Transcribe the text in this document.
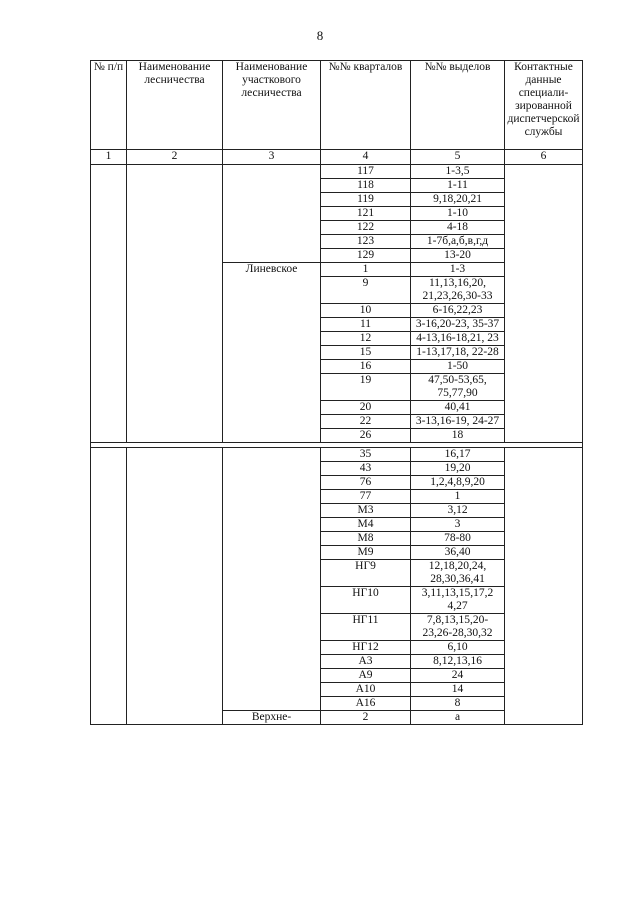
8
№ п/п	Наименование лесничества	Наименование участкового лесничества	№№ кварталов	№№ выделов	Контактные данные специали-зированной диспетчерской службы
1	2	3	4	5	6
			117	1-3,5	
			118	1-11	
			119	9,18,20,21	
			121	1-10	
			122	4-18	
			123	1-7б,а,б,в,г,д	
			129	13-20	
		Линевское	1	1-3	
			9	11,13,16,20, 21,23,26,30-33	
			10	6-16,22,23	
			11	3-16,20-23, 35-37	
			12	4-13,16-18,21, 23	
			15	1-13,17,18, 22-28	
			16	1-50	
			19	47,50-53,65, 75,77,90	
			20	40,41	
			22	3-13,16-19, 24-27	
			26	18	

			35	16,17	
			43	19,20	
			76	1,2,4,8,9,20	
			77	1	
			М3	3,12	
			М4	3	
			М8	78-80	
			М9	36,40	
			НГ9	12,18,20,24, 28,30,36,41	
			НГ10	3,11,13,15,17,2 4,27	
			НГ11	7,8,13,15,20- 23,26-28,30,32	
			НГ12	6,10	
			А3	8,12,13,16	
			А9	24	
			А10	14	
			А16	8	
		Верхне-	2	а	
